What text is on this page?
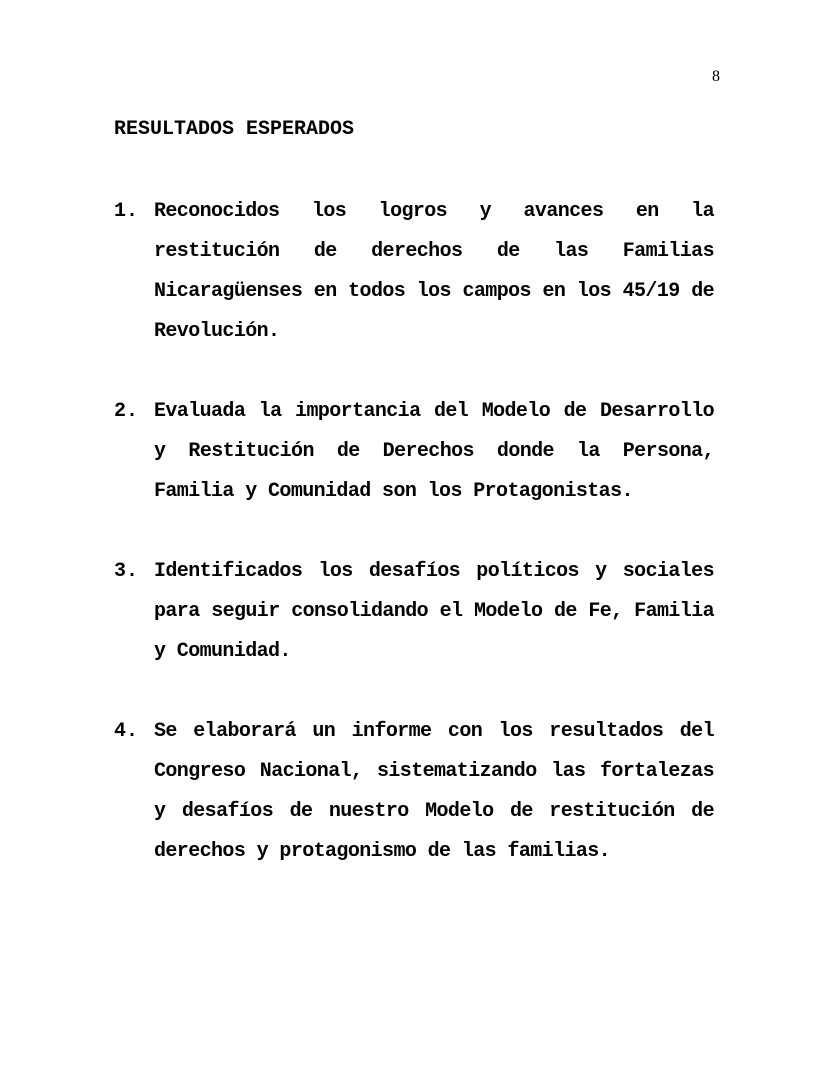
8
RESULTADOS ESPERADOS
1. Reconocidos los logros y avances en la restitución de derechos de las Familias Nicaragüenses en todos los campos en los 45/19 de Revolución.
2. Evaluada la importancia del Modelo de Desarrollo y Restitución de Derechos donde la Persona, Familia y Comunidad son los Protagonistas.
3. Identificados los desafíos políticos y sociales para seguir consolidando el Modelo de Fe, Familia y Comunidad.
4. Se elaborará un informe con los resultados del Congreso Nacional, sistematizando las fortalezas y desafíos de nuestro Modelo de restitución de derechos y protagonismo de las familias.
